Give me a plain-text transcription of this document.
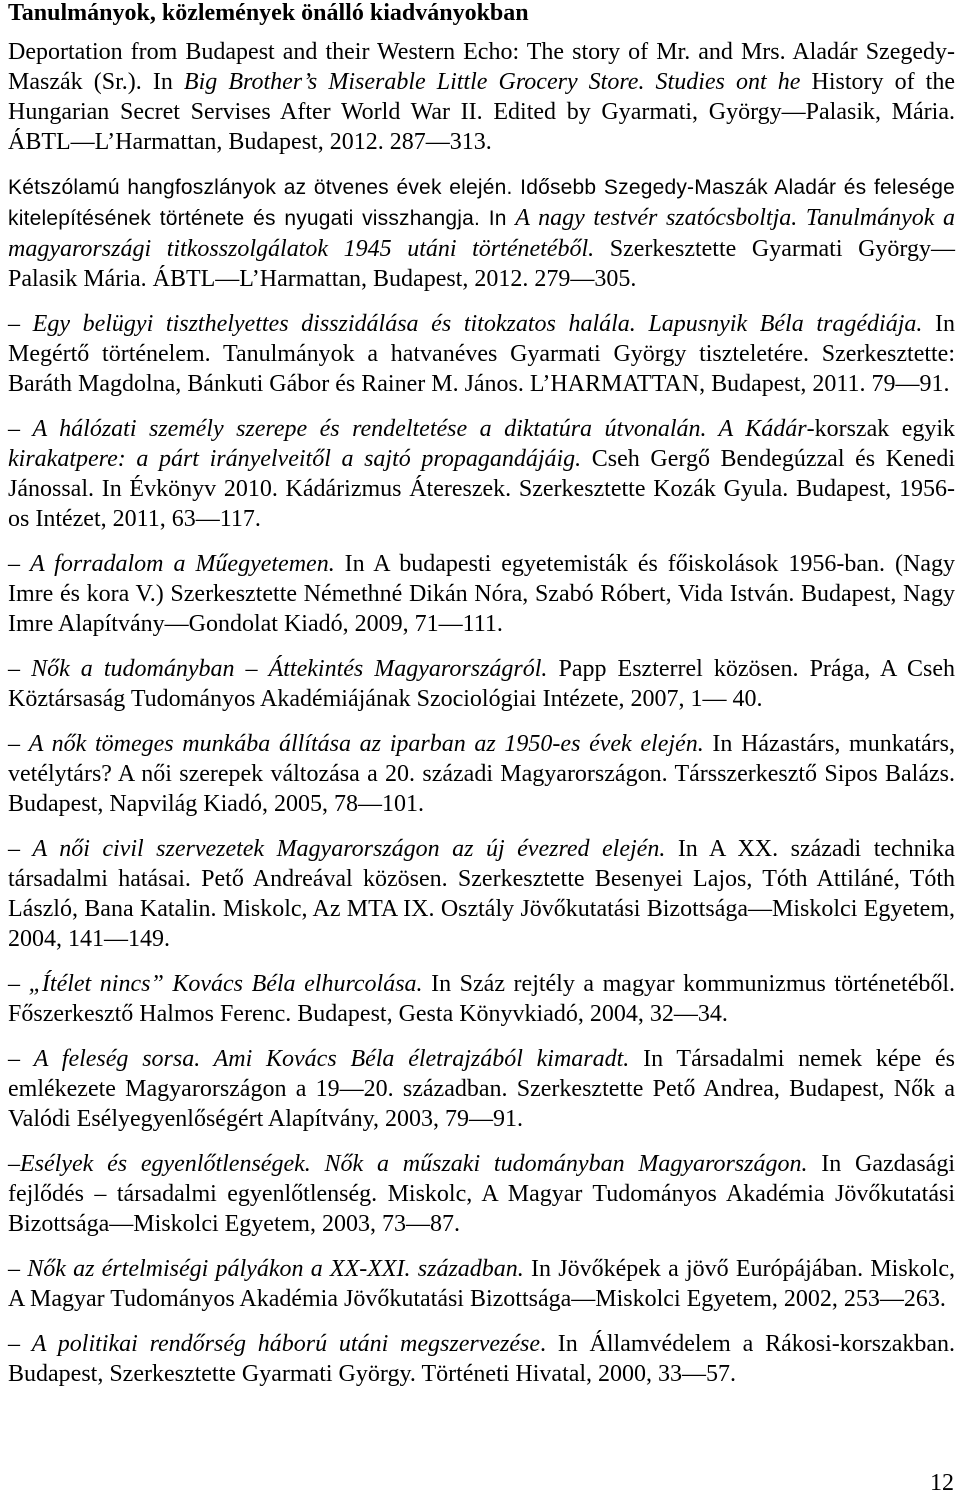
Tanulmányok, közlemények önálló kiadványokban

Deportation from Budapest and their Western Echo: The story of Mr. and Mrs. Aladár Szegedy-Maszák (Sr.). In Big Brother’s Miserable Little Grocery Store. Studies ont he History of the Hungarian Secret Servises After World War II. Edited by Gyarmati, György—Palasik, Mária. ÁBTL—L’Harmattan, Budapest, 2012. 287—313.

Kétszólamú hangfoszlányok az ötvenes évek elején. Idősebb Szegedy-Maszák Aladár és felesége kitelepítésének története és nyugati visszhangja. In A nagy testvér szatócsboltja. Tanulmányok a magyarországi titkosszolgálatok 1945 utáni történetéből. Szerkesztette Gyarmati György—Palasik Mária. ÁBTL—L’Harmattan, Budapest, 2012. 279—305.

– Egy belügyi tiszthelyettes disszidálása és titokzatos halála. Lapusnyik Béla tragédiája. In Megértő történelem. Tanulmányok a hatvanéves Gyarmati György tiszteletére. Szerkesztette: Baráth Magdolna, Bánkuti Gábor és Rainer M. János. L’HARMATTAN, Budapest, 2011. 79—91.

– A hálózati személy szerepe és rendeltetése a diktatúra útvonalán. A Kádár-korszak egyik kirakatpere: a párt irányelveitől a sajtó propagandájáig. Cseh Gergő Bendegúzzal és Kenedi Jánossal. In Évkönyv 2010. Kádárizmus Átereszek. Szerkesztette Kozák Gyula. Budapest, 1956-os Intézet, 2011, 63—117.

– A forradalom a Műegyetemen. In A budapesti egyetemisták és főiskolások 1956-ban. (Nagy Imre és kora V.) Szerkesztette Némethné Dikán Nóra, Szabó Róbert, Vida István. Budapest, Nagy Imre Alapítvány—Gondolat Kiadó, 2009, 71—111.

– Nők a tudományban – Áttekintés Magyarországról. Papp Eszterrel közösen. Prága, A Cseh Köztársaság Tudományos Akadémiájának Szociológiai Intézete, 2007, 1— 40.

– A nők tömeges munkába állítása az iparban az 1950-es évek elején. In Házastárs, munkatárs, vetélytárs? A női szerepek változása a 20. századi Magyarországon. Társszerkesztő Sipos Balázs. Budapest, Napvilág Kiadó, 2005, 78—101.

– A női civil szervezetek Magyarországon az új évezred elején. In A XX. századi technika társadalmi hatásai. Pető Andreával közösen. Szerkesztette Besenyei Lajos, Tóth Attiláné, Tóth László, Bana Katalin. Miskolc, Az MTA IX. Osztály Jövőkutatási Bizottsága—Miskolci Egyetem, 2004, 141—149.

– „Ítélet nincs” Kovács Béla elhurcolása. In Száz rejtély a magyar kommunizmus történetéből. Főszerkesztő Halmos Ferenc. Budapest, Gesta Könyvkiadó, 2004, 32—34.

– A feleség sorsa. Ami Kovács Béla életrajzából kimaradt. In Társadalmi nemek képe és emlékezete Magyarországon a 19—20. században. Szerkesztette Pető Andrea, Budapest, Nők a Valódi Esélyegyenlőségért Alapítvány, 2003, 79—91.

–Esélyek és egyenlőtlenségek. Nők a műszaki tudományban Magyarországon. In Gazdasági fejlődés – társadalmi egyenlőtlenség. Miskolc, A Magyar Tudományos Akadémia Jövőkutatási Bizottsága—Miskolci Egyetem, 2003, 73—87.

– Nők az értelmiségi pályákon a XX-XXI. században. In Jövőképek a jövő Európájában. Miskolc, A Magyar Tudományos Akadémia Jövőkutatási Bizottsága—Miskolci Egyetem, 2002, 253—263.

– A politikai rendőrség háború utáni megszervezése. In Államvédelem a Rákosi-korszakban. Budapest, Szerkesztette Gyarmati György. Történeti Hivatal, 2000, 33—57.

12
